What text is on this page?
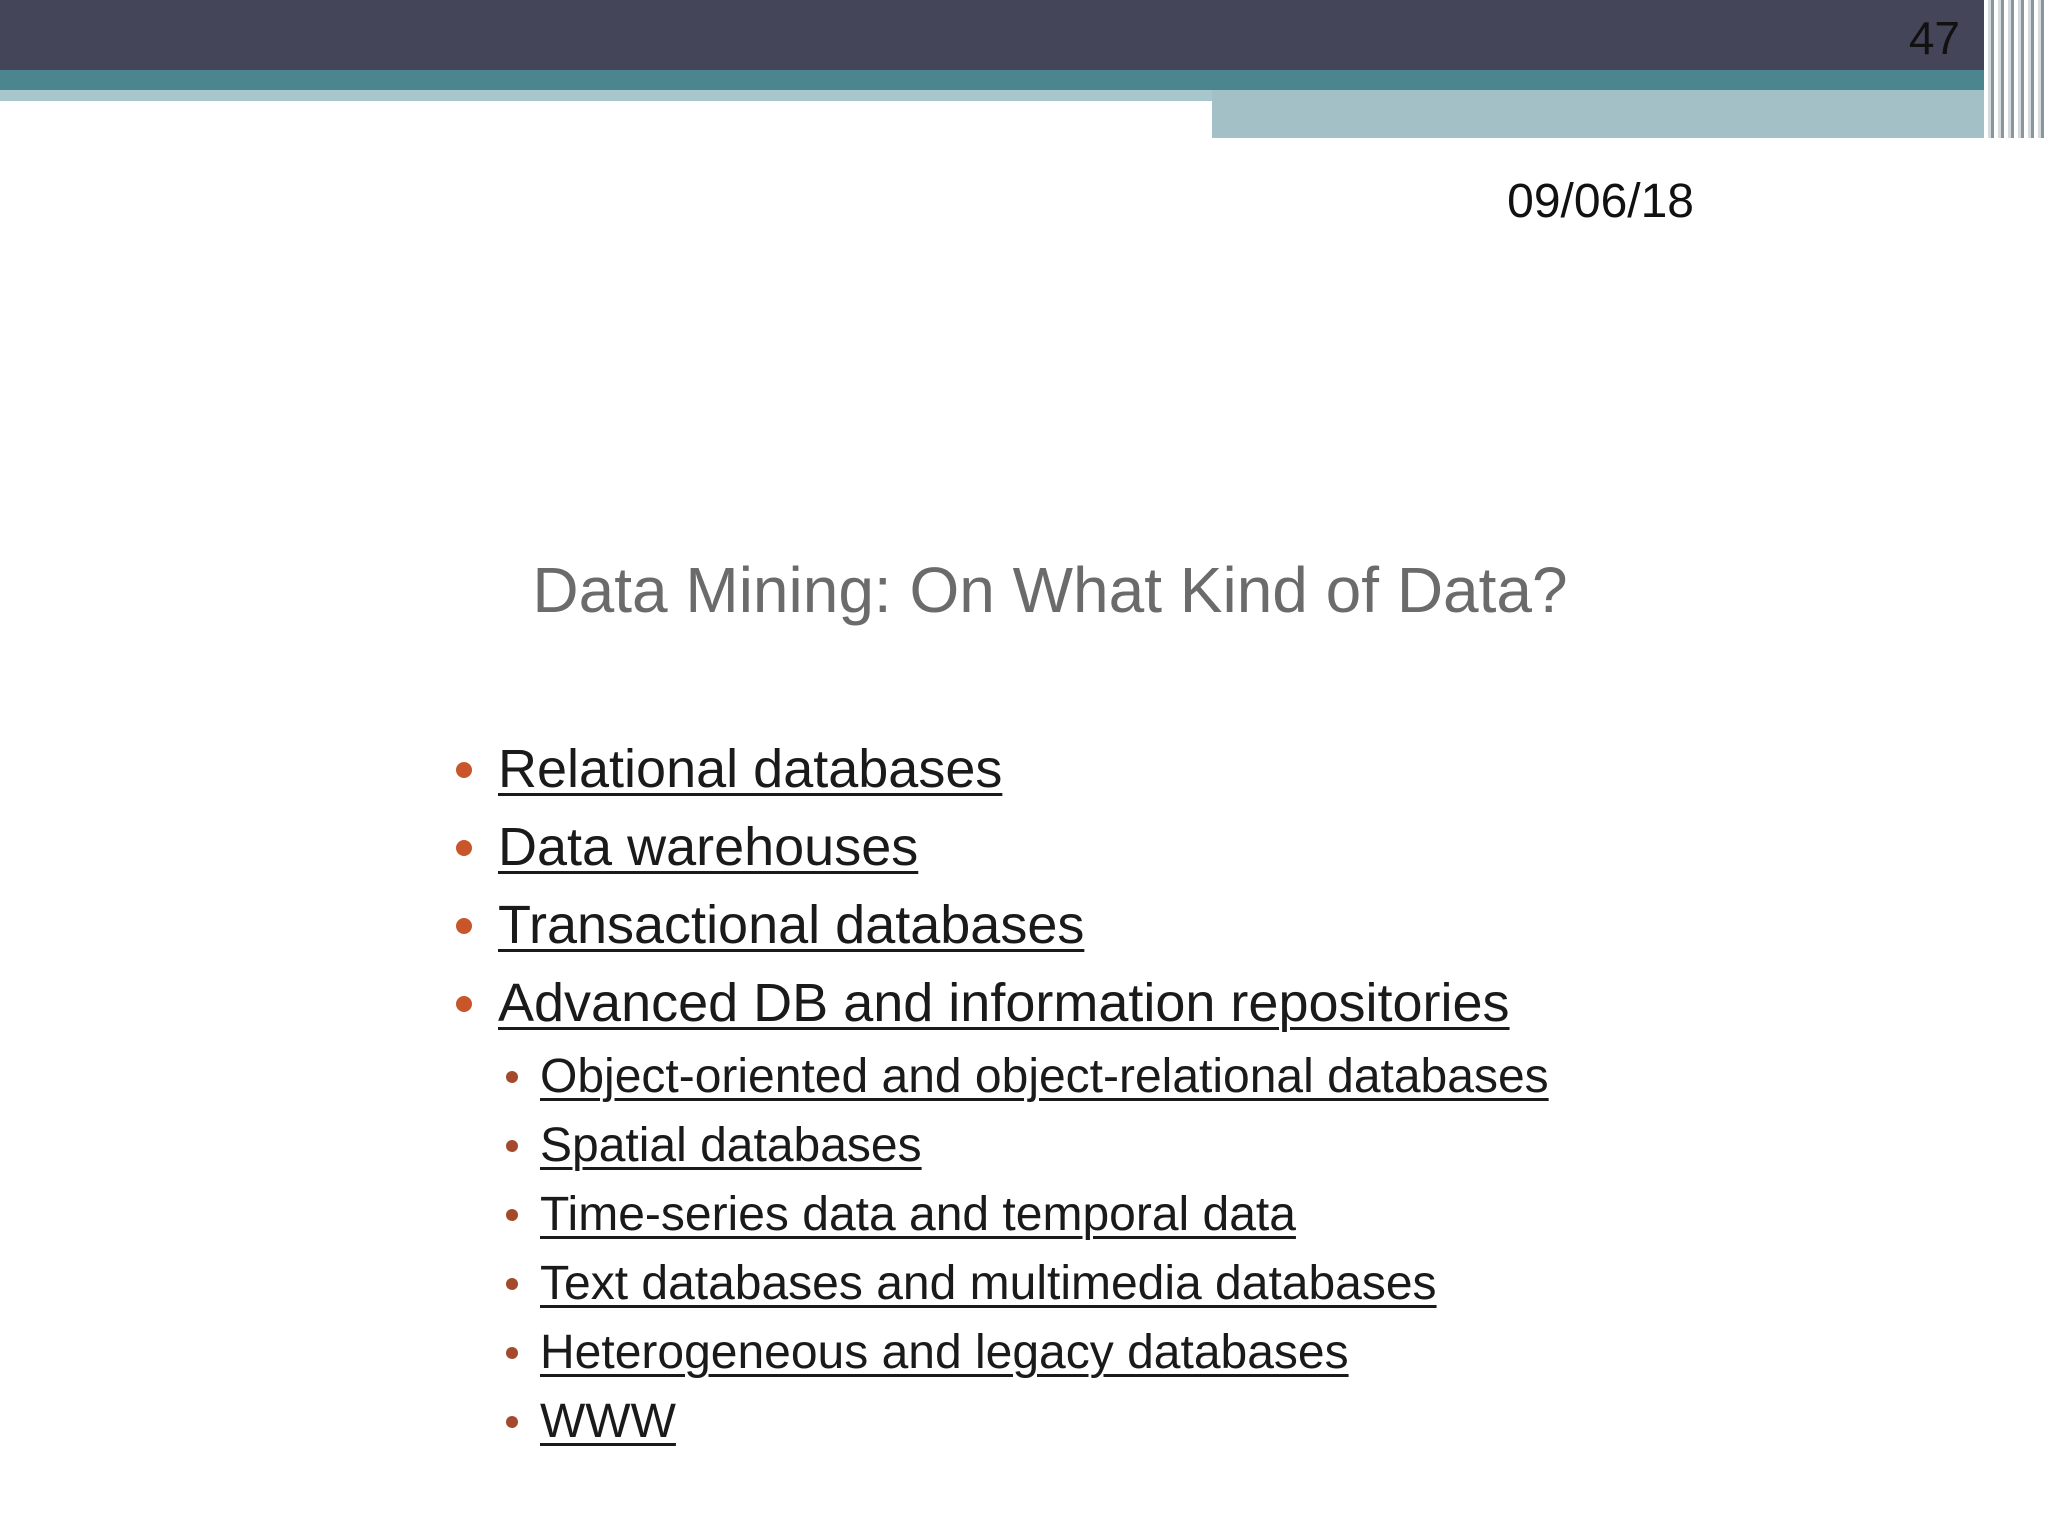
47
09/06/18
Data Mining: On What Kind of Data?
Relational databases
Data warehouses
Transactional databases
Advanced DB and information repositories
Object-oriented and object-relational databases
Spatial databases
Time-series data and temporal data
Text databases and multimedia databases
Heterogeneous and legacy databases
WWW
